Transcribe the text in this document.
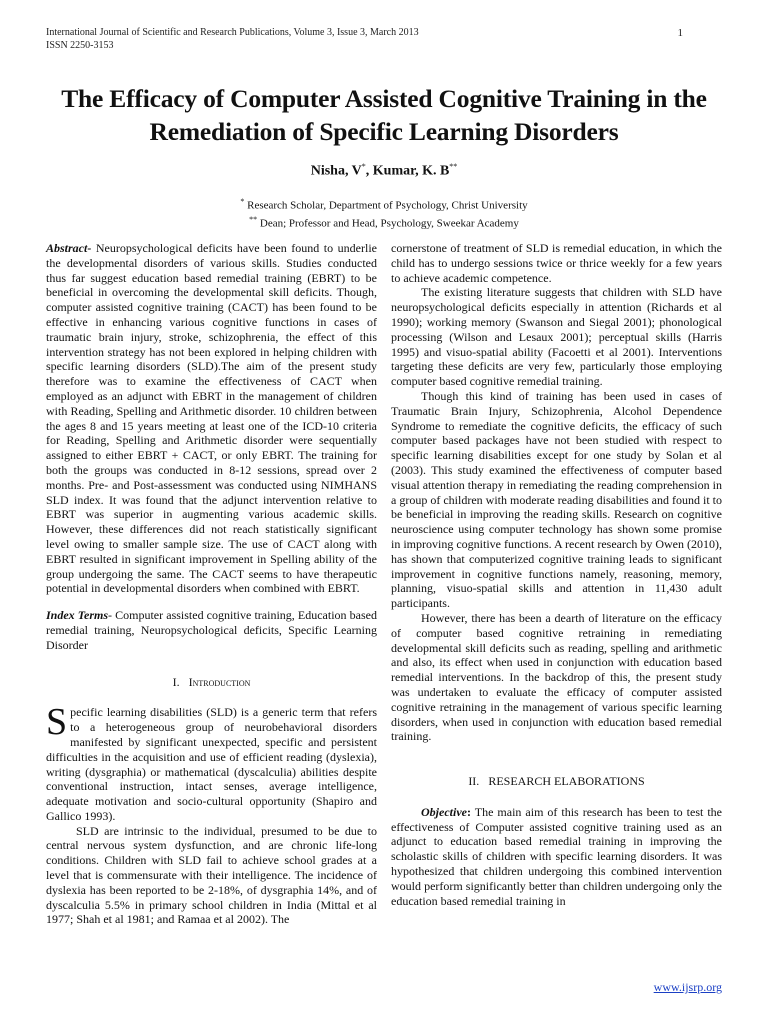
International Journal of Scientific and Research Publications, Volume 3, Issue 3, March 2013
ISSN 2250-3153
1
The Efficacy of Computer Assisted Cognitive Training in the Remediation of Specific Learning Disorders
Nisha, V*, Kumar, K. B**
* Research Scholar, Department of Psychology, Christ University
** Dean; Professor and Head, Psychology, Sweekar Academy

Abstract- Neuropsychological deficits have been found to underlie the developmental disorders of various skills. Studies conducted thus far suggest education based remedial training (EBRT) to be beneficial in overcoming the developmental skill deficits. Though, computer assisted cognitive training (CACT) has been found to be effective in enhancing various cognitive functions in cases of traumatic brain injury, stroke, schizophrenia, the effect of this intervention strategy has not been explored in helping children with specific learning disorders (SLD).The aim of the present study therefore was to examine the effectiveness of CACT when employed as an adjunct with EBRT in the management of children with Reading, Spelling and Arithmetic disorder. 10 children between the ages 8 and 15 years meeting at least one of the ICD-10 criteria for Reading, Spelling and Arithmetic disorder were sequentially assigned to either EBRT + CACT, or only EBRT. The training for both the groups was conducted in 8-12 sessions, spread over 2 months. Pre- and Post-assessment was conducted using NIMHANS SLD index. It was found that the adjunct intervention relative to EBRT was superior in augmenting various academic skills. However, these differences did not reach statistically significant level owing to smaller sample size. The use of CACT along with EBRT resulted in significant improvement in Spelling ability of the group undergoing the same. The CACT seems to have therapeutic potential in developmental disorders when combined with EBRT.

Index Terms- Computer assisted cognitive training, Education based remedial training, Neuropsychological deficits, Specific Learning Disorder

I. Introduction

Specific learning disabilities (SLD) is a generic term that refers to a heterogeneous group of neurobehavioral disorders manifested by significant unexpected, specific and persistent difficulties in the acquisition and use of efficient reading (dyslexia), writing (dysgraphia) or mathematical (dyscalculia) abilities despite conventional instruction, intact senses, average intelligence, adequate motivation and socio-cultural opportunity (Shapiro and Gallico 1993).

SLD are intrinsic to the individual, presumed to be due to central nervous system dysfunction, and are chronic life-long conditions. Children with SLD fail to achieve school grades at a level that is commensurate with their intelligence. The incidence of dyslexia has been reported to be 2-18%, of dysgraphia 14%, and of dyscalculia 5.5% in primary school children in India (Mittal et al 1977; Shah et al 1981; and Ramaa et al 2002). The

cornerstone of treatment of SLD is remedial education, in which the child has to undergo sessions twice or thrice weekly for a few years to achieve academic competence.

The existing literature suggests that children with SLD have neuropsychological deficits especially in attention (Richards et al 1990); working memory (Swanson and Siegal 2001); phonological processing (Wilson and Lesaux 2001); perceptual skills (Harris 1995) and visuo-spatial ability (Facoetti et al 2001). Interventions targeting these deficits are very few, particularly those employing computer based cognitive remedial training.

Though this kind of training has been used in cases of Traumatic Brain Injury, Schizophrenia, Alcohol Dependence Syndrome to remediate the cognitive deficits, the efficacy of such computer based packages have not been studied with respect to specific learning disabilities except for one study by Solan et al (2003). This study examined the effectiveness of computer based visual attention therapy in remediating the reading comprehension in a group of children with moderate reading disabilities and found it to be beneficial in improving the reading skills. Research on cognitive neuroscience using computer technology has shown some promise in improving cognitive functions. A recent research by Owen (2010), has shown that computerized cognitive training leads to significant improvement in cognitive functions namely, reasoning, memory, planning, visuo-spatial skills and attention in 11,430 adult participants.

However, there has been a dearth of literature on the efficacy of computer based cognitive retraining in remediating developmental skill deficits such as reading, spelling and arithmetic and also, its effect when used in conjunction with education based remedial interventions. In the backdrop of this, the present study was undertaken to evaluate the efficacy of computer assisted cognitive retraining in the management of various specific learning disorders, when used in conjunction with education based remedial training.

II. RESEARCH ELABORATIONS

Objective: The main aim of this research has been to test the effectiveness of Computer assisted cognitive training used as an adjunct to education based remedial training in improving the scholastic skills of children with specific learning disorders. It was hypothesized that children undergoing this combined intervention would perform significantly better than children undergoing only the education based remedial training in

www.ijsrp.org
